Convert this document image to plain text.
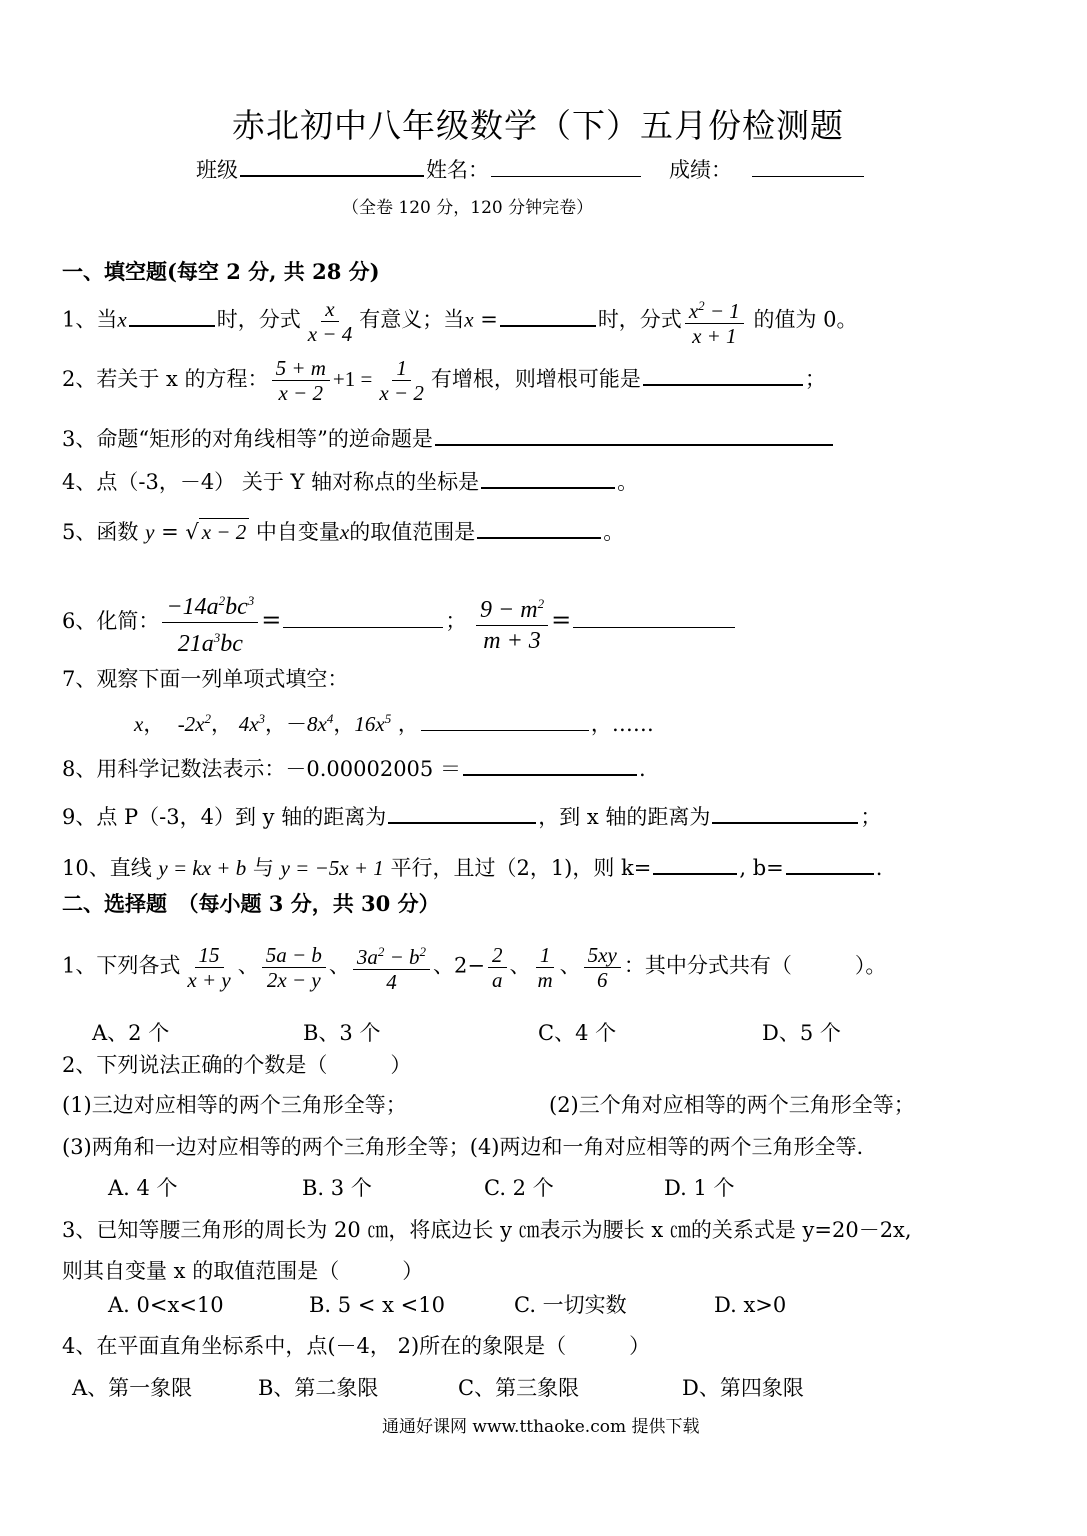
赤北初中八年级数学（下）五月份检测题
班级	姓名：	成绩：
（全卷 120 分，120 分钟完卷）
一、填空题(每空 2 分, 共 28 分)
1、当x	时，分式 $\frac{x}{x - 4}$ 有意义；当x =	时，分式 $\frac{x^2 - 1}{x + 1}$ 的值为 0。
2、若关于 x 的方程： $\frac{5 + m}{x - 2} +1 = \frac{1}{x - 2}$ 有增根，则增根可能是	；
3、命题“矩形的对角线相等”的逆命题是
4、点（-3，－4） 关于 Y 轴对称点的坐标是	。
5、函数 y = √ x − 2 中自变量x的取值范围是	。
6、化简： $\frac{-14a^2bc^3}{21a^3bc}$ =	； $\frac{9 - m^2}{m + 3}$ =
7、观察下面一列单项式填空：
x，  $-2x^2$， $4x^3$，$-8x^4$，$16x^5$ ，	，……
8、用科学记数法表示：－0.00002005 ＝	.
9、点 P（-3，4）到 y 轴的距离为	，到 x 轴的距离为	；
10、直线 y = kx + b 与 y = −5x + 1 平行，且过（2，1)，则 k=	, b=	.
二、选择题　（每小题 3 分，共 30 分）
1、下列各式 $\frac{15}{x + y}$ 、 $\frac{5a - b}{2x - y}$ 、 $\frac{3a^2 - b^2}{4}$ 、$2- \frac{2}{a}$ 、 $\frac{1}{m}$ 、 $\frac{5xy}{6}$ ：其中分式共有（　　　）。
A、2 个	B、3 个	C、4 个	D、5 个
2、下列说法正确的个数是（　　　）
(1)三边对应相等的两个三角形全等；	(2)三个角对应相等的两个三角形全等；
(3)两角和一边对应相等的两个三角形全等；(4)两边和一角对应相等的两个三角形全等.
A. 4 个	B. 3 个	C. 2 个	D. 1 个
3、已知等腰三角形的周长为 20 ㎝，将底边长 y ㎝表示为腰长 x ㎝的关系式是 y=20－2x,
则其自变量 x 的取值范围是（　　　）
A. 0<x<10	B. 5 < x <10	C. 一切实数	D. x>0
4、在平面直角坐标系中，点(－4， 2)所在的象限是（　　　）
A、第一象限	B、第二象限	C、第三象限	D、第四象限
通通好课网 www.tthaoke.com 提供下载
